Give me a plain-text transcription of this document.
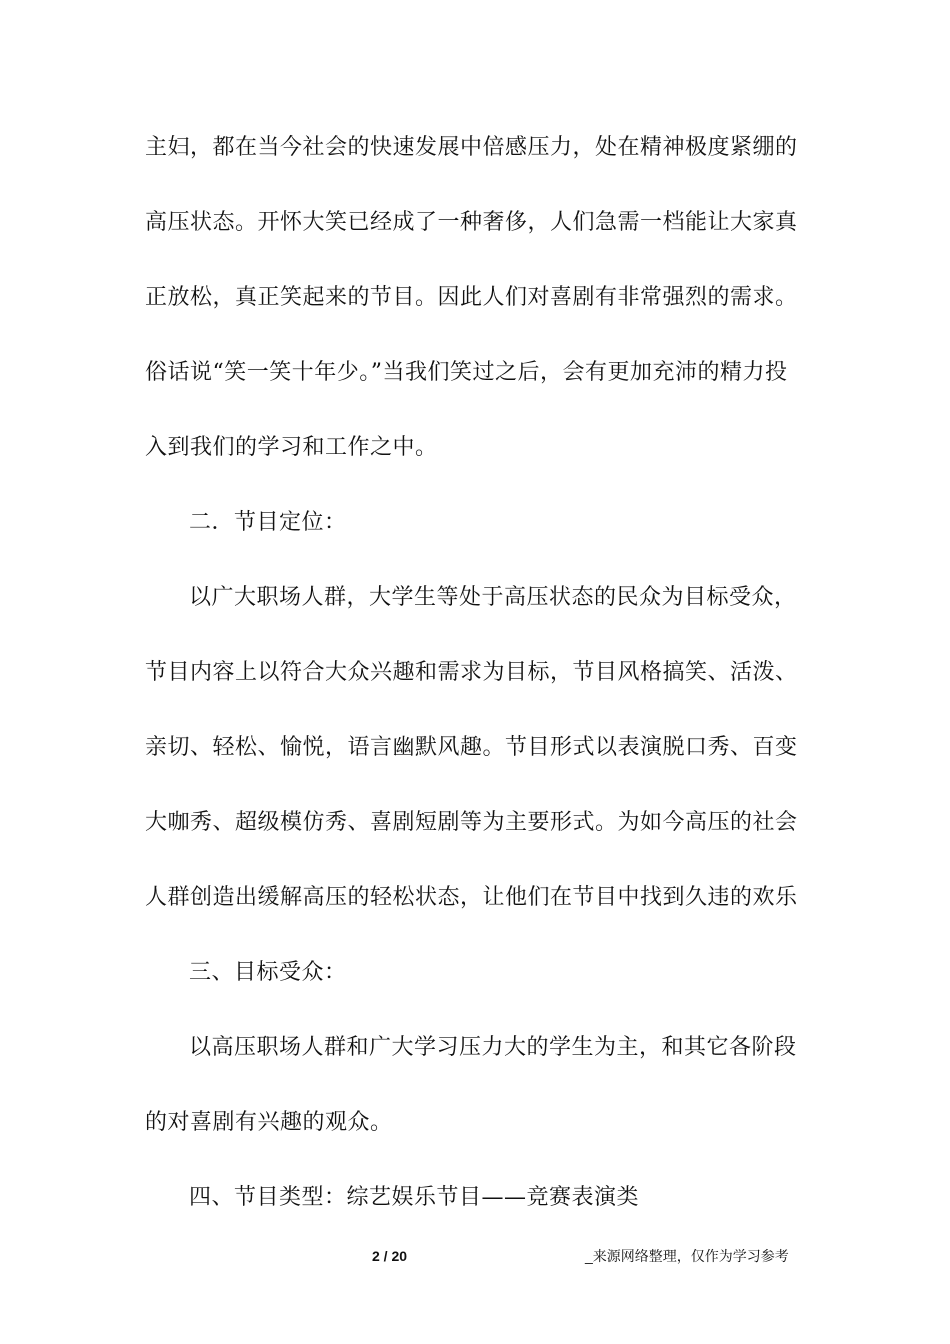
主妇，都在当今社会的快速发展中倍感压力，处在精神极度紧绷的
高压状态。开怀大笑已经成了一种奢侈，人们急需一档能让大家真
正放松，真正笑起来的节目。因此人们对喜剧有非常强烈的需求。
俗话说“笑一笑十年少。”当我们笑过之后，会有更加充沛的精力投
入到我们的学习和工作之中。
二．节目定位：
以广大职场人群，大学生等处于高压状态的民众为目标受众，
节目内容上以符合大众兴趣和需求为目标，节目风格搞笑、活泼、
亲切、轻松、愉悦，语言幽默风趣。节目形式以表演脱口秀、百变
大咖秀、超级模仿秀、喜剧短剧等为主要形式。为如今高压的社会
人群创造出缓解高压的轻松状态，让他们在节目中找到久违的欢乐
三、目标受众：
以高压职场人群和广大学习压力大的学生为主，和其它各阶段
的对喜剧有兴趣的观众。
四、节目类型：综艺娱乐节目——竞赛表演类
2 / 20	_来源网络整理，仅作为学习参考
